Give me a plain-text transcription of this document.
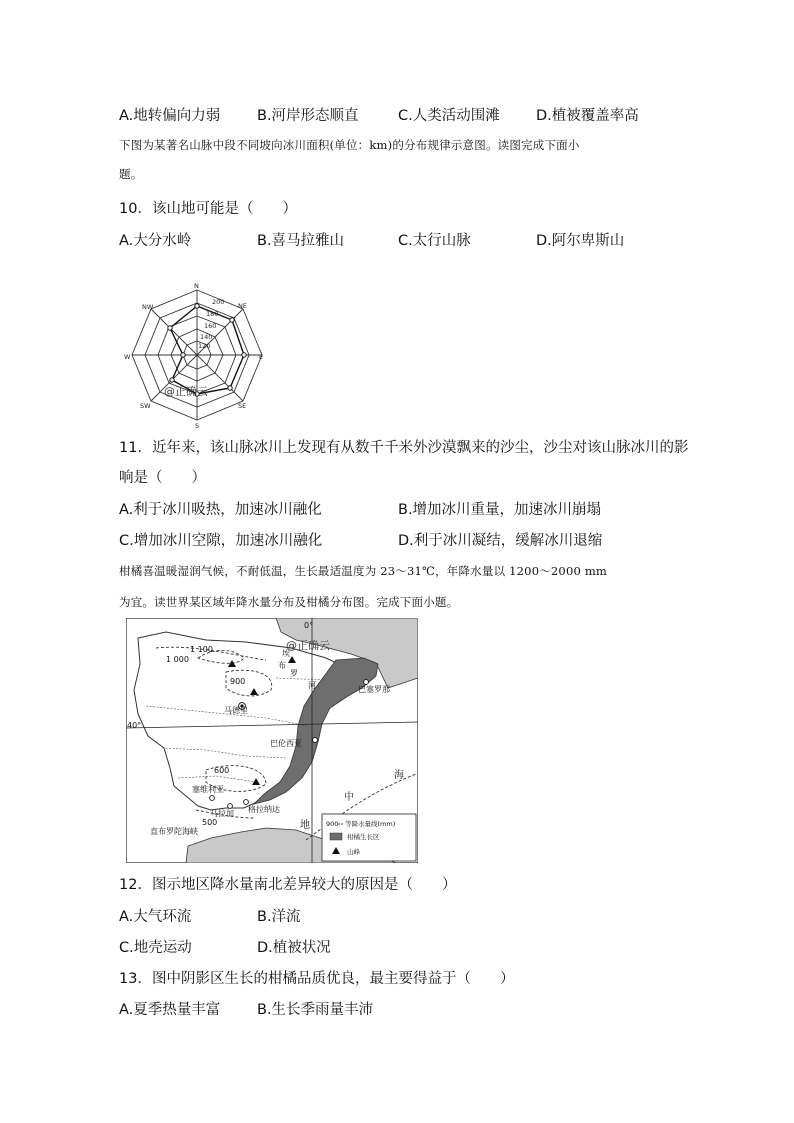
A.地转偏向力弱	B.河岸形态顺直	C.人类活动围滩	D.植被覆盖率高
下图为某著名山脉中段不同坡向冰川面积(单位：km)的分布规律示意图。读图完成下面小
题。
10．该山地可能是（　　）
A.大分水岭	B.喜马拉雅山	C.太行山脉	D.阿尔卑斯山
N
NE
E
SE
S
SW
W
NW
200
180
160
140
120
@正确云
11．近年来，该山脉冰川上发现有从数千千米外沙漠飘来的沙尘，沙尘对该山脉冰川的影
响是（　　）
A.利于冰川吸热，加速冰川融化	B.增加冰川重量，加速冰川崩塌
C.增加冰川空隙，加速冰川融化	D.利于冰川凝结，缓解冰川退缩
柑橘喜温暖湿润气候，不耐低温，生长最适温度为 23～31℃，年降水量以 1200～2000 mm
为宜。读世界某区域年降水量分布及柑橘分布图。完成下面小题。
0°
40°
@正确云
1 100
1 000
900
600
500
马德里
巴伦西亚
巴塞罗那
塞维利亚
马拉加 格拉纳达
直布罗陀海峡
埃
布
罗
河
海
中
地 900 等降水量线(mm)
柑橘生长区
山峰
12．图示地区降水量南北差异较大的原因是（　　）
A.大气环流	B.洋流
C.地壳运动	D.植被状况
13．图中阴影区生长的柑橘品质优良，最主要得益于（　　）
A.夏季热量丰富	B.生长季雨量丰沛
